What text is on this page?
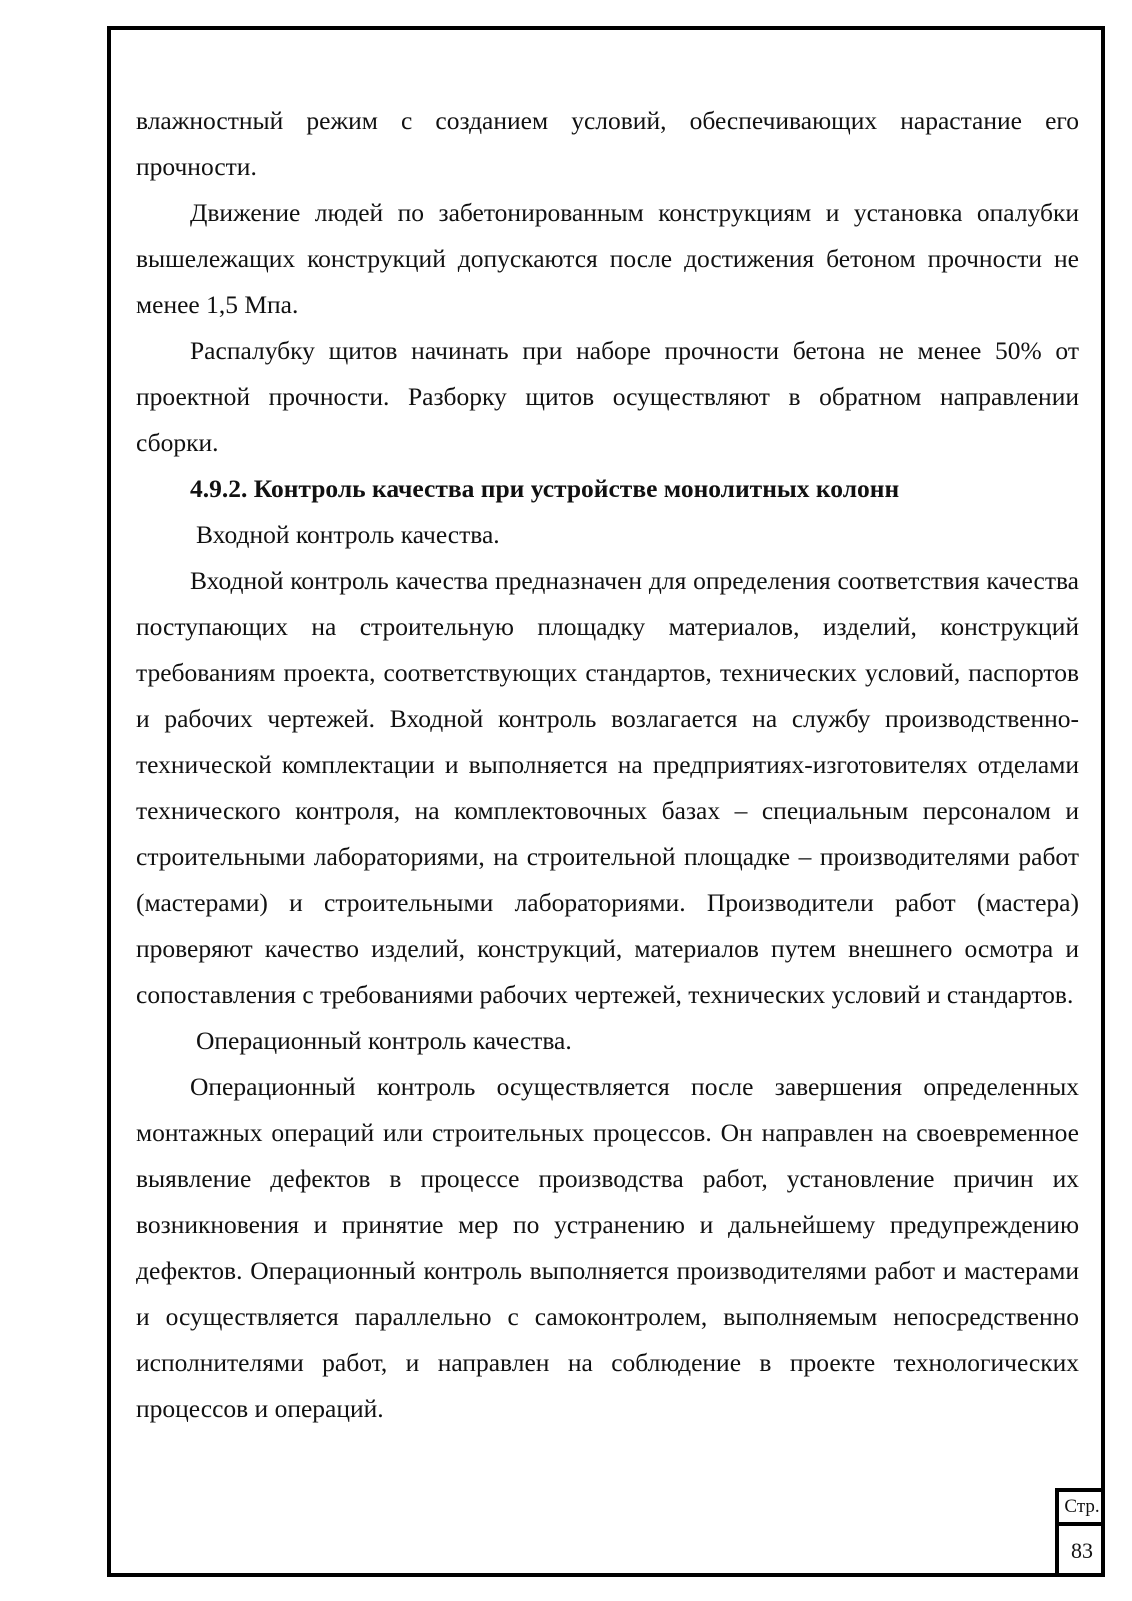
влажностный режим с созданием условий, обеспечивающих нарастание его прочности.

Движение людей по забетонированным конструкциям и установка опалубки вышележащих конструкций допускаются после достижения бетоном прочности не менее 1,5 Мпа.

Распалубку щитов начинать при наборе прочности бетона не менее 50% от проектной прочности. Разборку щитов осуществляют в обратном направлении сборки.

4.9.2. Контроль качества при устройстве монолитных колонн

Входной контроль качества.

Входной контроль качества предназначен для определения соответствия качества поступающих на строительную площадку материалов, изделий, конструкций требованиям проекта, соответствующих стандартов, технических условий, паспортов и рабочих чертежей. Входной контроль возлагается на службу производственно-технической комплектации и выполняется на предприятиях-изготовителях отделами технического контроля, на комплектовочных базах – специальным персоналом и строительными лабораториями, на строительной площадке – производителями работ (мастерами) и строительными лабораториями. Производители работ (мастера) проверяют качество изделий, конструкций, материалов путем внешнего осмотра и сопоставления с требованиями рабочих чертежей, технических условий и стандартов.

Операционный контроль качества.

Операционный контроль осуществляется после завершения определенных монтажных операций или строительных процессов. Он направлен на своевременное выявление дефектов в процессе производства работ, установление причин их возникновения и принятие мер по устранению и дальнейшему предупреждению дефектов. Операционный контроль выполняется производителями работ и мастерами и осуществляется параллельно с самоконтролем, выполняемым непосредственно исполнителями работ, и направлен на соблюдение в проекте технологических процессов и операций.

Стр.
83
